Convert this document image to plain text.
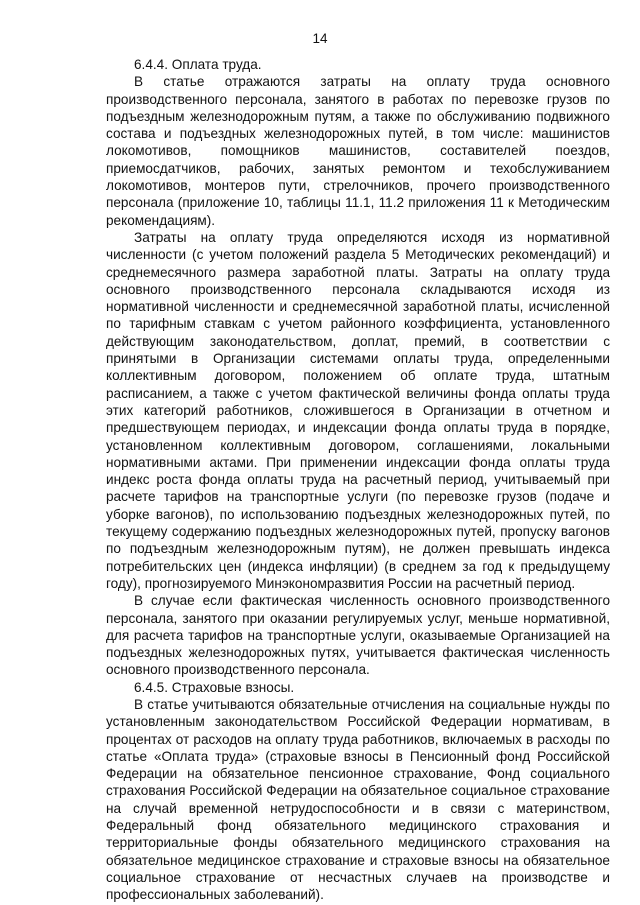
14

6.4.4. Оплата труда.

В статье отражаются затраты на оплату труда основного производственного персонала, занятого в работах по перевозке грузов по подъездным железнодорожным путям, а также по обслуживанию подвижного состава и подъездных железнодорожных путей, в том числе: машинистов локомотивов, помощников машинистов, составителей поездов, приемосдатчиков, рабочих, занятых ремонтом и техобслуживанием локомотивов, монтеров пути, стрелочников, прочего производственного персонала (приложение 10, таблицы 11.1, 11.2 приложения 11 к Методическим рекомендациям).

Затраты на оплату труда определяются исходя из нормативной численности (с учетом положений раздела 5 Методических рекомендаций) и среднемесячного размера заработной платы. Затраты на оплату труда основного производственного персонала складываются исходя из нормативной численности и среднемесячной заработной платы, исчисленной по тарифным ставкам с учетом районного коэффициента, установленного действующим законодательством, доплат, премий, в соответствии с принятыми в Организации системами оплаты труда, определенными коллективным договором, положением об оплате труда, штатным расписанием, а также с учетом фактической величины фонда оплаты труда этих категорий работников, сложившегося в Организации в отчетном и предшествующем периодах, и индексации фонда оплаты труда в порядке, установленном коллективным договором, соглашениями, локальными нормативными актами. При применении индексации фонда оплаты труда индекс роста фонда оплаты труда на расчетный период, учитываемый при расчете тарифов на транспортные услуги (по перевозке грузов (подаче и уборке вагонов), по использованию подъездных железнодорожных путей, по текущему содержанию подъездных железнодорожных путей, пропуску вагонов по подъездным железнодорожным путям), не должен превышать индекса потребительских цен (индекса инфляции) (в среднем за год к предыдущему году), прогнозируемого Минэкономразвития России на расчетный период.

В случае если фактическая численность основного производственного персонала, занятого при оказании регулируемых услуг, меньше нормативной, для расчета тарифов на транспортные услуги, оказываемые Организацией на подъездных железнодорожных путях, учитывается фактическая численность основного производственного персонала.

6.4.5. Страховые взносы.

В статье учитываются обязательные отчисления на социальные нужды по установленным законодательством Российской Федерации нормативам, в процентах от расходов на оплату труда работников, включаемых в расходы по статье «Оплата труда» (страховые взносы в Пенсионный фонд Российской Федерации на обязательное пенсионное страхование, Фонд социального страхования Российской Федерации на обязательное социальное страхование на случай временной нетрудоспособности и в связи с материнством, Федеральный фонд обязательного медицинского страхования и территориальные фонды обязательного медицинского страхования на обязательное медицинское страхование и страховые взносы на обязательное социальное страхование от несчастных случаев на производстве и профессиональных заболеваний).
